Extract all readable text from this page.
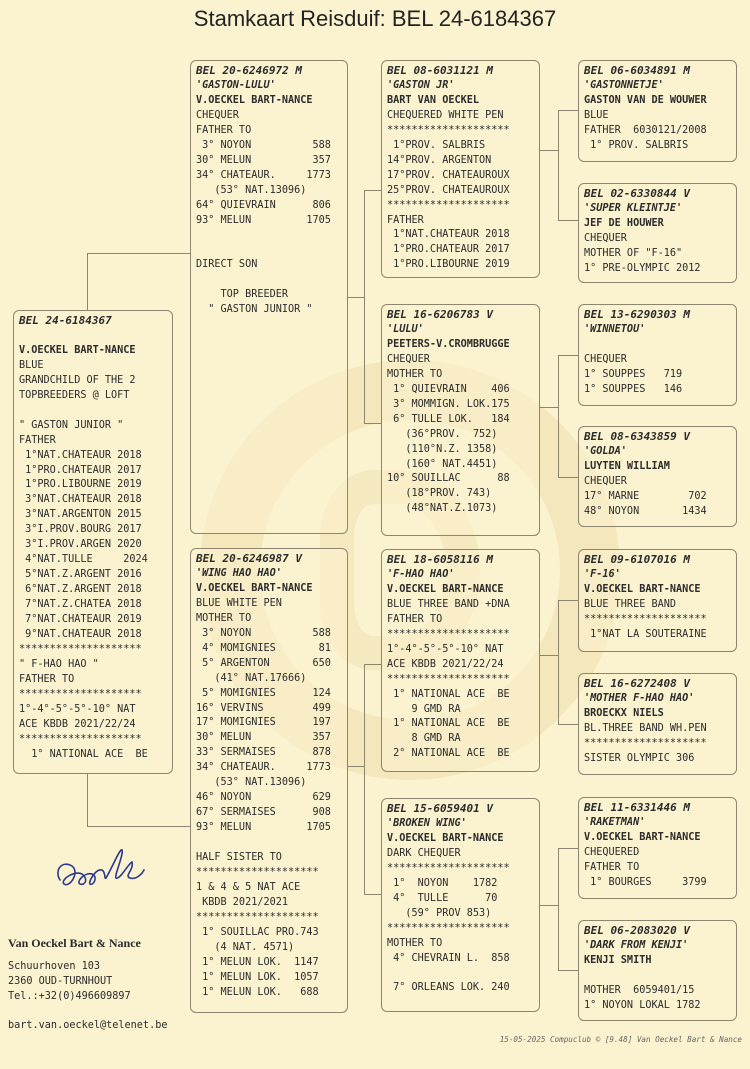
Stamkaart Reisduif: BEL 24-6184367
BEL 24-6184367
V.OECKEL BART-NANCE
BLUE
GRANDCHILD OF THE 2
TOPBREEDERS @ LOFT
" GASTON JUNIOR "
FATHER
1°NAT.CHATEAUR 2018
1°PRO.CHATEAUR 2017
1°PRO.LIBOURNE 2019
3°NAT.CHATEAUR 2018
3°NAT.ARGENTON 2015
3°I.PROV.BOURG 2017
3°I.PROV.ARGEN 2020
4°NAT.TULLE     2024
5°NAT.Z.ARGENT 2016
6°NAT.Z.ARGENT 2018
7°NAT.Z.CHATEA 2018
7°NAT.CHATEAUR 2019
9°NAT.CHATEAUR 2018
********************
" F-HAO HAO "
FATHER TO
********************
1°-4°-5°-5°-10° NAT
ACE KBDB 2021/22/24
********************
1° NATIONAL ACE  BE
BEL 20-6246972 M
'GASTON-LULU'
V.OECKEL BART-NANCE
CHEQUER
FATHER TO
3° NOYON          588
30° MELUN          357
34° CHATEAUR.     1773
(53° NAT.13096)
64° QUIEVRAIN      806
93° MELUN         1705
DIRECT SON
TOP BREEDER
" GASTON JUNIOR "
BEL 20-6246987 V
'WING HAO HAO'
V.OECKEL BART-NANCE
BLUE WHITE PEN
MOTHER TO
3° NOYON          588
4° MOMIGNIES       81
5° ARGENTON       650
(41° NAT.17666)
5° MOMIGNIES      124
16° VERVINS        499
17° MOMIGNIES      197
30° MELUN          357
33° SERMAISES      878
34° CHATEAUR.     1773
(53° NAT.13096)
46° NOYON          629
67° SERMAISES      908
93° MELUN         1705
HALF SISTER TO
********************
1 & 4 & 5 NAT ACE
KBDB 2021/2021
********************
1° SOUILLAC PRO.743
(4 NAT. 4571)
1° MELUN LOK.  1147
1° MELUN LOK.  1057
1° MELUN LOK.   688
BEL 08-6031121 M
'GASTON JR'
BART VAN OECKEL
CHEQUERED WHITE PEN
********************
1°PROV. SALBRIS
14°PROV. ARGENTON
17°PROV. CHATEAUROUX
25°PROV. CHATEAUROUX
********************
FATHER
1°NAT.CHATEAUR 2018
1°PRO.CHATEAUR 2017
1°PRO.LIBOURNE 2019
BEL 16-6206783 V
'LULU'
PEETERS-V.CROMBRUGGE
CHEQUER
MOTHER TO
1° QUIEVRAIN    406
3° MOMMIGN. LOK.175
6° TULLE LOK.   184
(36°PROV.  752)
(110°N.Z. 1358)
(160° NAT.4451)
10° SOUILLAC      88
(18°PROV. 743)
(48°NAT.Z.1073)
BEL 18-6058116 M
'F-HAO HAO'
V.OECKEL BART-NANCE
BLUE THREE BAND +DNA
FATHER TO
********************
1°-4°-5°-5°-10° NAT
ACE KBDB 2021/22/24
********************
1° NATIONAL ACE  BE
9 GMD RA
1° NATIONAL ACE  BE
8 GMD RA
2° NATIONAL ACE  BE
BEL 15-6059401 V
'BROKEN WING'
V.OECKEL BART-NANCE
DARK CHEQUER
********************
1°  NOYON    1782
4°  TULLE      70
(59° PROV 853)
********************
MOTHER TO
4° CHEVRAIN L.  858
7° ORLEANS LOK. 240
BEL 06-6034891 M
'GASTONNETJE'
GASTON VAN DE WOUWER
BLUE
FATHER  6030121/2008
1° PROV. SALBRIS
BEL 02-6330844 V
'SUPER KLEINTJE'
JEF DE HOUWER
CHEQUER
MOTHER OF "F-16"
1° PRE-OLYMPIC 2012
BEL 13-6290303 M
'WINNETOU'
CHEQUER
1° SOUPPES   719
1° SOUPPES   146
BEL 08-6343859 V
'GOLDA'
LUYTEN WILLIAM
CHEQUER
17° MARNE        702
48° NOYON       1434
BEL 09-6107016 M
'F-16'
V.OECKEL BART-NANCE
BLUE THREE BAND
********************
1°NAT LA SOUTERAINE
BEL 16-6272408 V
'MOTHER F-HAO HAO'
BROECKX NIELS
BL.THREE BAND WH.PEN
********************
SISTER OLYMPIC 306
BEL 11-6331446 M
'RAKETMAN'
V.OECKEL BART-NANCE
CHEQUERED
FATHER TO
1° BOURGES     3799
BEL 06-2083020 V
'DARK FROM KENJI'
KENJI SMITH
MOTHER  6059401/15
1° NOYON LOKAL 1782
Van Oeckel Bart & Nance
Schuurhoven 103
2360 OUD-TURNHOUT
Tel.:+32(0)496609897
bart.van.oeckel@telenet.be
15-05-2025 Compuclub © [9.48] Van Oeckel Bart & Nance
